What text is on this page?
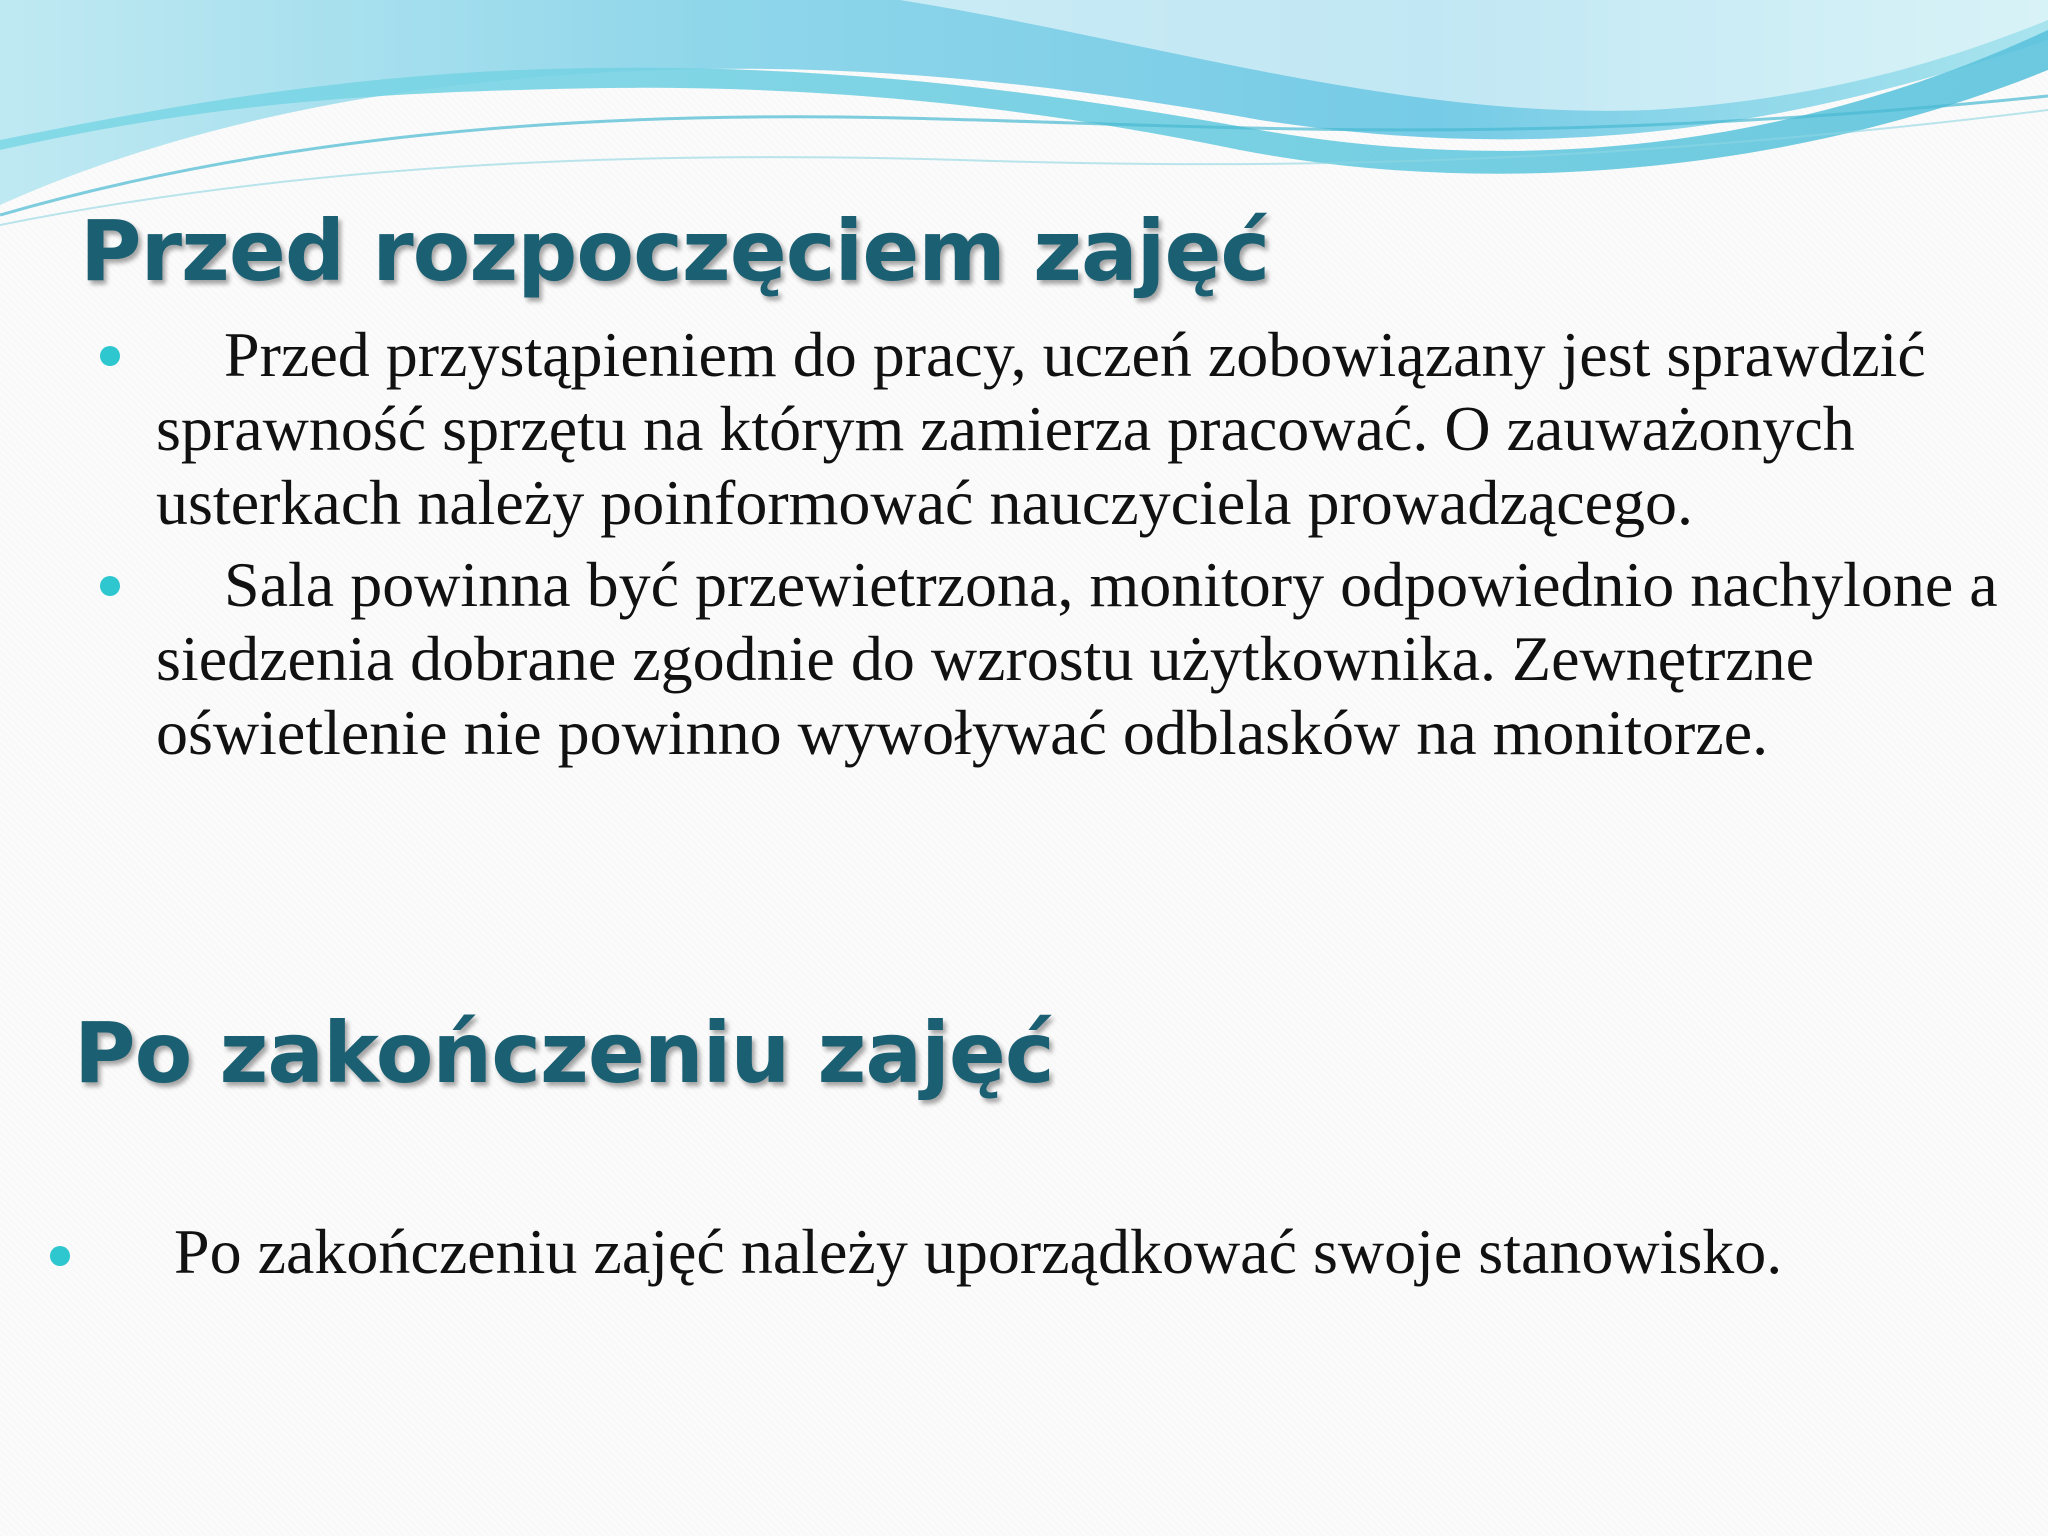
Przed rozpoczęciem zajęć
Przed przystąpieniem do pracy, uczeń zobowiązany jest sprawdzić sprawność sprzętu na którym zamierza pracować. O zauważonych usterkach należy poinformować nauczyciela prowadzącego.
Sala powinna być przewietrzona, monitory odpowiednio nachylone a siedzenia dobrane zgodnie do wzrostu użytkownika. Zewnętrzne oświetlenie nie powinno wywoływać odblasków na monitorze.
Po zakończeniu zajęć
Po zakończeniu zajęć należy uporządkować swoje stanowisko.
